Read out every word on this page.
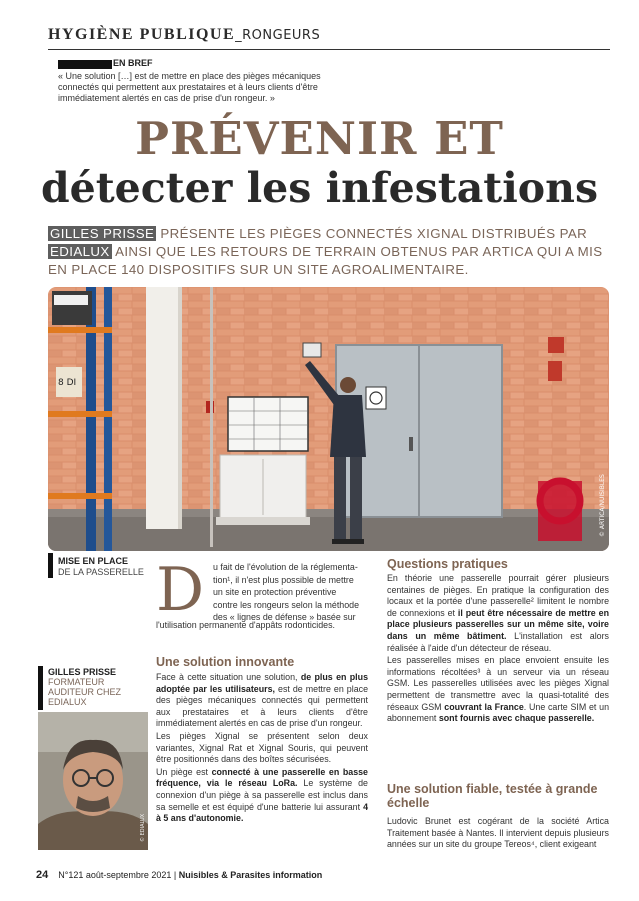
HYGIÈNE PUBLIQUE_RONGEURS
EN BREF
« Une solution […] est de mettre en place des pièges mécaniques connectés qui permettent aux prestataires et à leurs clients d'être immédiatement alertés en cas de prise d'un rongeur. »
PRÉVENIR ET
détecter les infestations
GILLES PRISSE PRÉSENTE LES PIÈGES CONNECTÉS XIGNAL DISTRIBUÉS PAR EDIALUX AINSI QUE LES RETOURS DE TERRAIN OBTENUS PAR ARTICA QUI A MIS EN PLACE 140 DISPOSITIFS SUR UN SITE AGROALIMENTAIRE.
8 DI
© ARTICA/NUISIBLES
MISE EN PLACE
DE LA PASSERELLE
GILLES PRISSE
FORMATEUR
AUDITEUR CHEZ
EDIALUX
© EDIALUX
D u fait de l'évolution de la réglementa-

tion¹, il n'est plus possible de mettre

un site en protection préventive

contre les rongeurs selon la méthode

des « lignes de défense » basée sur

l'utilisation permanente d'appâts rodonticides.

Une solution innovante

Face à cette situation une solution, de plus en plus adoptée par les utilisateurs, est de mettre en place des pièges mécaniques connectés qui permettent aux prestataires et à leurs clients d'être immédiatement alertés en cas de prise d'un rongeur.

Les pièges Xignal se présentent selon deux variantes, Xignal Rat et Xignal Souris, qui peuvent être positionnés dans des boîtes sécurisées.

Un piège est connecté à une passerelle en basse fréquence, via le réseau LoRa. Le système de connexion d'un piège à sa passerelle est inclus dans sa semelle et est équipé d'une batterie lui assurant 4 à 5 ans d'autonomie.

Questions pratiques

En théorie une passerelle pourrait gérer plusieurs centaines de pièges. En pratique la configuration des locaux et la portée d'une passerelle² limitent le nombre de connexions et il peut être nécessaire de mettre en place plusieurs passerelles sur un même site, voire dans un même bâtiment. L'installation est alors réalisée à l'aide d'un détecteur de réseau.

Les passerelles mises en place envoient ensuite les informations récoltées³ à un serveur via un réseau GSM. Les passerelles utilisées avec les pièges Xignal permettent de transmettre avec la quasi-totalité des réseaux GSM couvrant la France. Une carte SIM et un abonnement sont fournis avec chaque passerelle.

Une solution fiable, testée à grande échelle

Ludovic Brunet est cogérant de la société Artica Traitement basée à Nantes. Il intervient depuis plusieurs années sur un site du groupe Tereos⁴, client exigeant

24 N°121 août-septembre 2021 | Nuisibles & Parasites information
